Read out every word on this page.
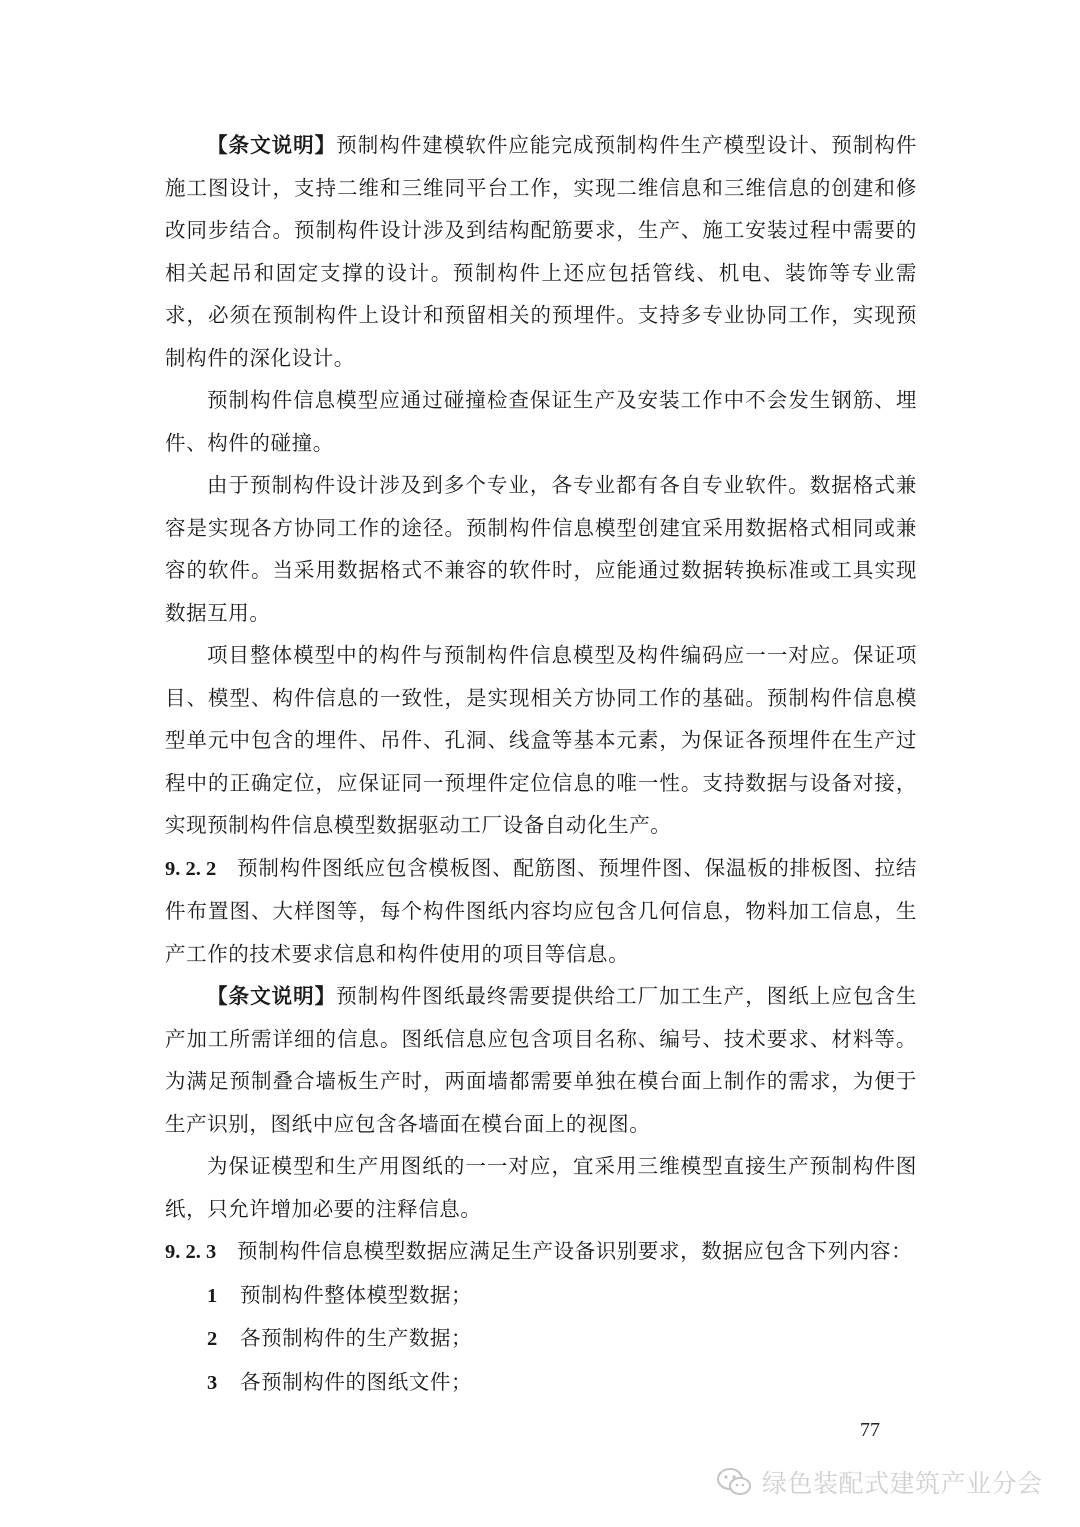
【条文说明】预制构件建模软件应能完成预制构件生产模型设计、预制构件施工图设计，支持二维和三维同平台工作，实现二维信息和三维信息的创建和修改同步结合。预制构件设计涉及到结构配筋要求，生产、施工安装过程中需要的相关起吊和固定支撑的设计。预制构件上还应包括管线、机电、装饰等专业需求，必须在预制构件上设计和预留相关的预埋件。支持多专业协同工作，实现预制构件的深化设计。

预制构件信息模型应通过碰撞检查保证生产及安装工作中不会发生钢筋、埋件、构件的碰撞。

由于预制构件设计涉及到多个专业，各专业都有各自专业软件。数据格式兼容是实现各方协同工作的途径。预制构件信息模型创建宜采用数据格式相同或兼容的软件。当采用数据格式不兼容的软件时，应能通过数据转换标准或工具实现数据互用。

项目整体模型中的构件与预制构件信息模型及构件编码应一一对应。保证项目、模型、构件信息的一致性，是实现相关方协同工作的基础。预制构件信息模型单元中包含的埋件、吊件、孔洞、线盒等基本元素，为保证各预埋件在生产过程中的正确定位，应保证同一预埋件定位信息的唯一性。支持数据与设备对接，实现预制构件信息模型数据驱动工厂设备自动化生产。

9. 2. 2 预制构件图纸应包含模板图、配筋图、预埋件图、保温板的排板图、拉结件布置图、大样图等，每个构件图纸内容均应包含几何信息，物料加工信息，生产工作的技术要求信息和构件使用的项目等信息。

【条文说明】预制构件图纸最终需要提供给工厂加工生产，图纸上应包含生产加工所需详细的信息。图纸信息应包含项目名称、编号、技术要求、材料等。为满足预制叠合墙板生产时，两面墙都需要单独在模台面上制作的需求，为便于生产识别，图纸中应包含各墙面在模台面上的视图。

为保证模型和生产用图纸的一一对应，宜采用三维模型直接生产预制构件图纸，只允许增加必要的注释信息。

9. 2. 3 预制构件信息模型数据应满足生产设备识别要求，数据应包含下列内容：

1 预制构件整体模型数据；

2 各预制构件的生产数据；

3 各预制构件的图纸文件；

77
绿色装配式建筑产业分会
